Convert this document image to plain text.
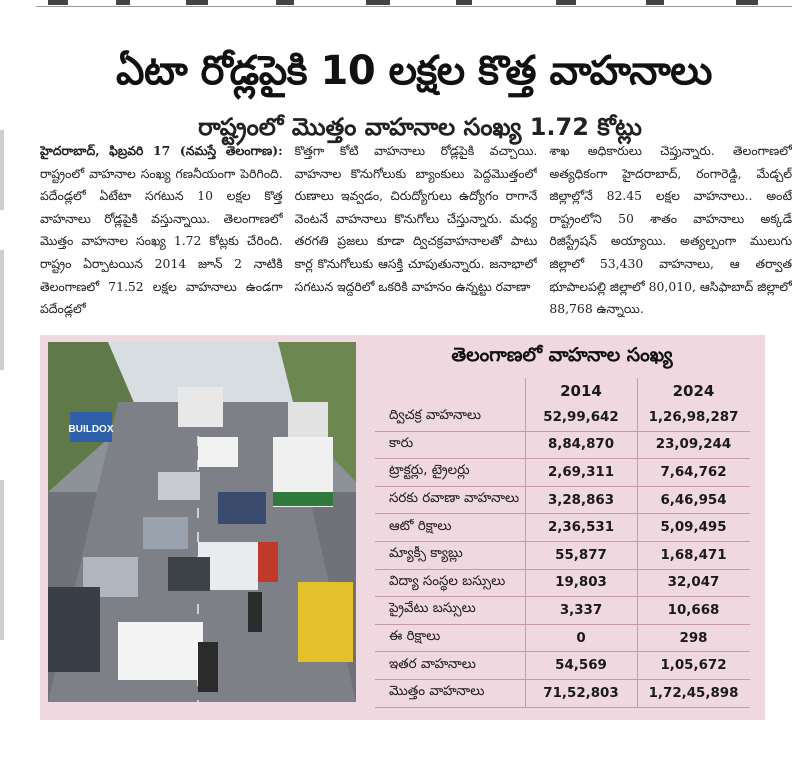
ఏటా రోడ్లపైకి 10 లక్షల కొత్త వాహనాలు
రాష్ట్రంలో మొత్తం వాహనాల సంఖ్య 1.72 కోట్లు
హైదరాబాద్, ఫిబ్రవరి 17 (నమస్తే తెలంగాణ): రాష్ట్రంలో వాహనాల సంఖ్య గణనీయంగా పెరిగింది. పదేండ్లలో ఏటేటా సగటున 10 లక్షల కొత్త వాహనాలు రోడ్లపైకి వస్తున్నాయి. తెలంగాణలో మొత్తం వాహనాల సంఖ్య 1.72 కోట్లకు చేరింది. రాష్ట్రం ఏర్పాటయిన 2014 జూన్ 2 నాటికి తెలంగాణలో 71.52 లక్షల వాహనాలు ఉండగా పదేండ్లలో
కొత్తగా కోటి వాహనాలు రోడ్లపైకి వచ్చాయి. వాహనాల కొనుగోలుకు బ్యాంకులు పెద్దమొత్తంలో రుణాలు ఇవ్వడం, చిరుద్యోగులు ఉద్యోగం రాగానే వెంటనే వాహనాలు కొనుగోలు చేస్తున్నారు. మధ్య తరగతి ప్రజలు కూడా ద్విచక్రవాహనాలతో పాటు కార్ల కొనుగోలుకు ఆసక్తి చూపుతున్నారు. జనాభాలో సగటున ఇద్దరిలో ఒకరికి వాహనం ఉన్నట్టు రవాణా
శాఖ అధికారులు చెప్తున్నారు. తెలంగాణలో అత్యధికంగా హైదరాబాద్, రంగారెడ్డి, మేడ్చల్ జిల్లాల్లోనే 82.45 లక్షల వాహనాలు.. అంటే రాష్ట్రంలోని 50 శాతం వాహనాలు అక్కడే రిజిస్ట్రేషన్ అయ్యాయి. అత్యల్పంగా ములుగు జిల్లాలో 53,430 వాహనాలు, ఆ తర్వాత భూపాలపల్లి జిల్లాలో 80,010, ఆసిఫాబాద్ జిల్లాలో 88,768 ఉన్నాయి.
BUILDOX
తెలంగాణలో వాహనాల సంఖ్య
2014	2024
ద్విచక్ర వాహనాలు	52,99,642	1,26,98,287
కారు	8,84,870	23,09,244
ట్రాక్టర్లు, ట్రైలర్లు	2,69,311	7,64,762
సరకు రవాణా వాహనాలు	3,28,863	6,46,954
ఆటో రిక్షాలు	2,36,531	5,09,495
మ్యాక్సీ క్యాబ్లు	55,877	1,68,471
విద్యా సంస్థల బస్సులు	19,803	32,047
ప్రైవేటు బస్సులు	3,337	10,668
ఈ రిక్షాలు	0	298
ఇతర వాహనాలు	54,569	1,05,672
మొత్తం వాహనాలు	71,52,803	1,72,45,898
